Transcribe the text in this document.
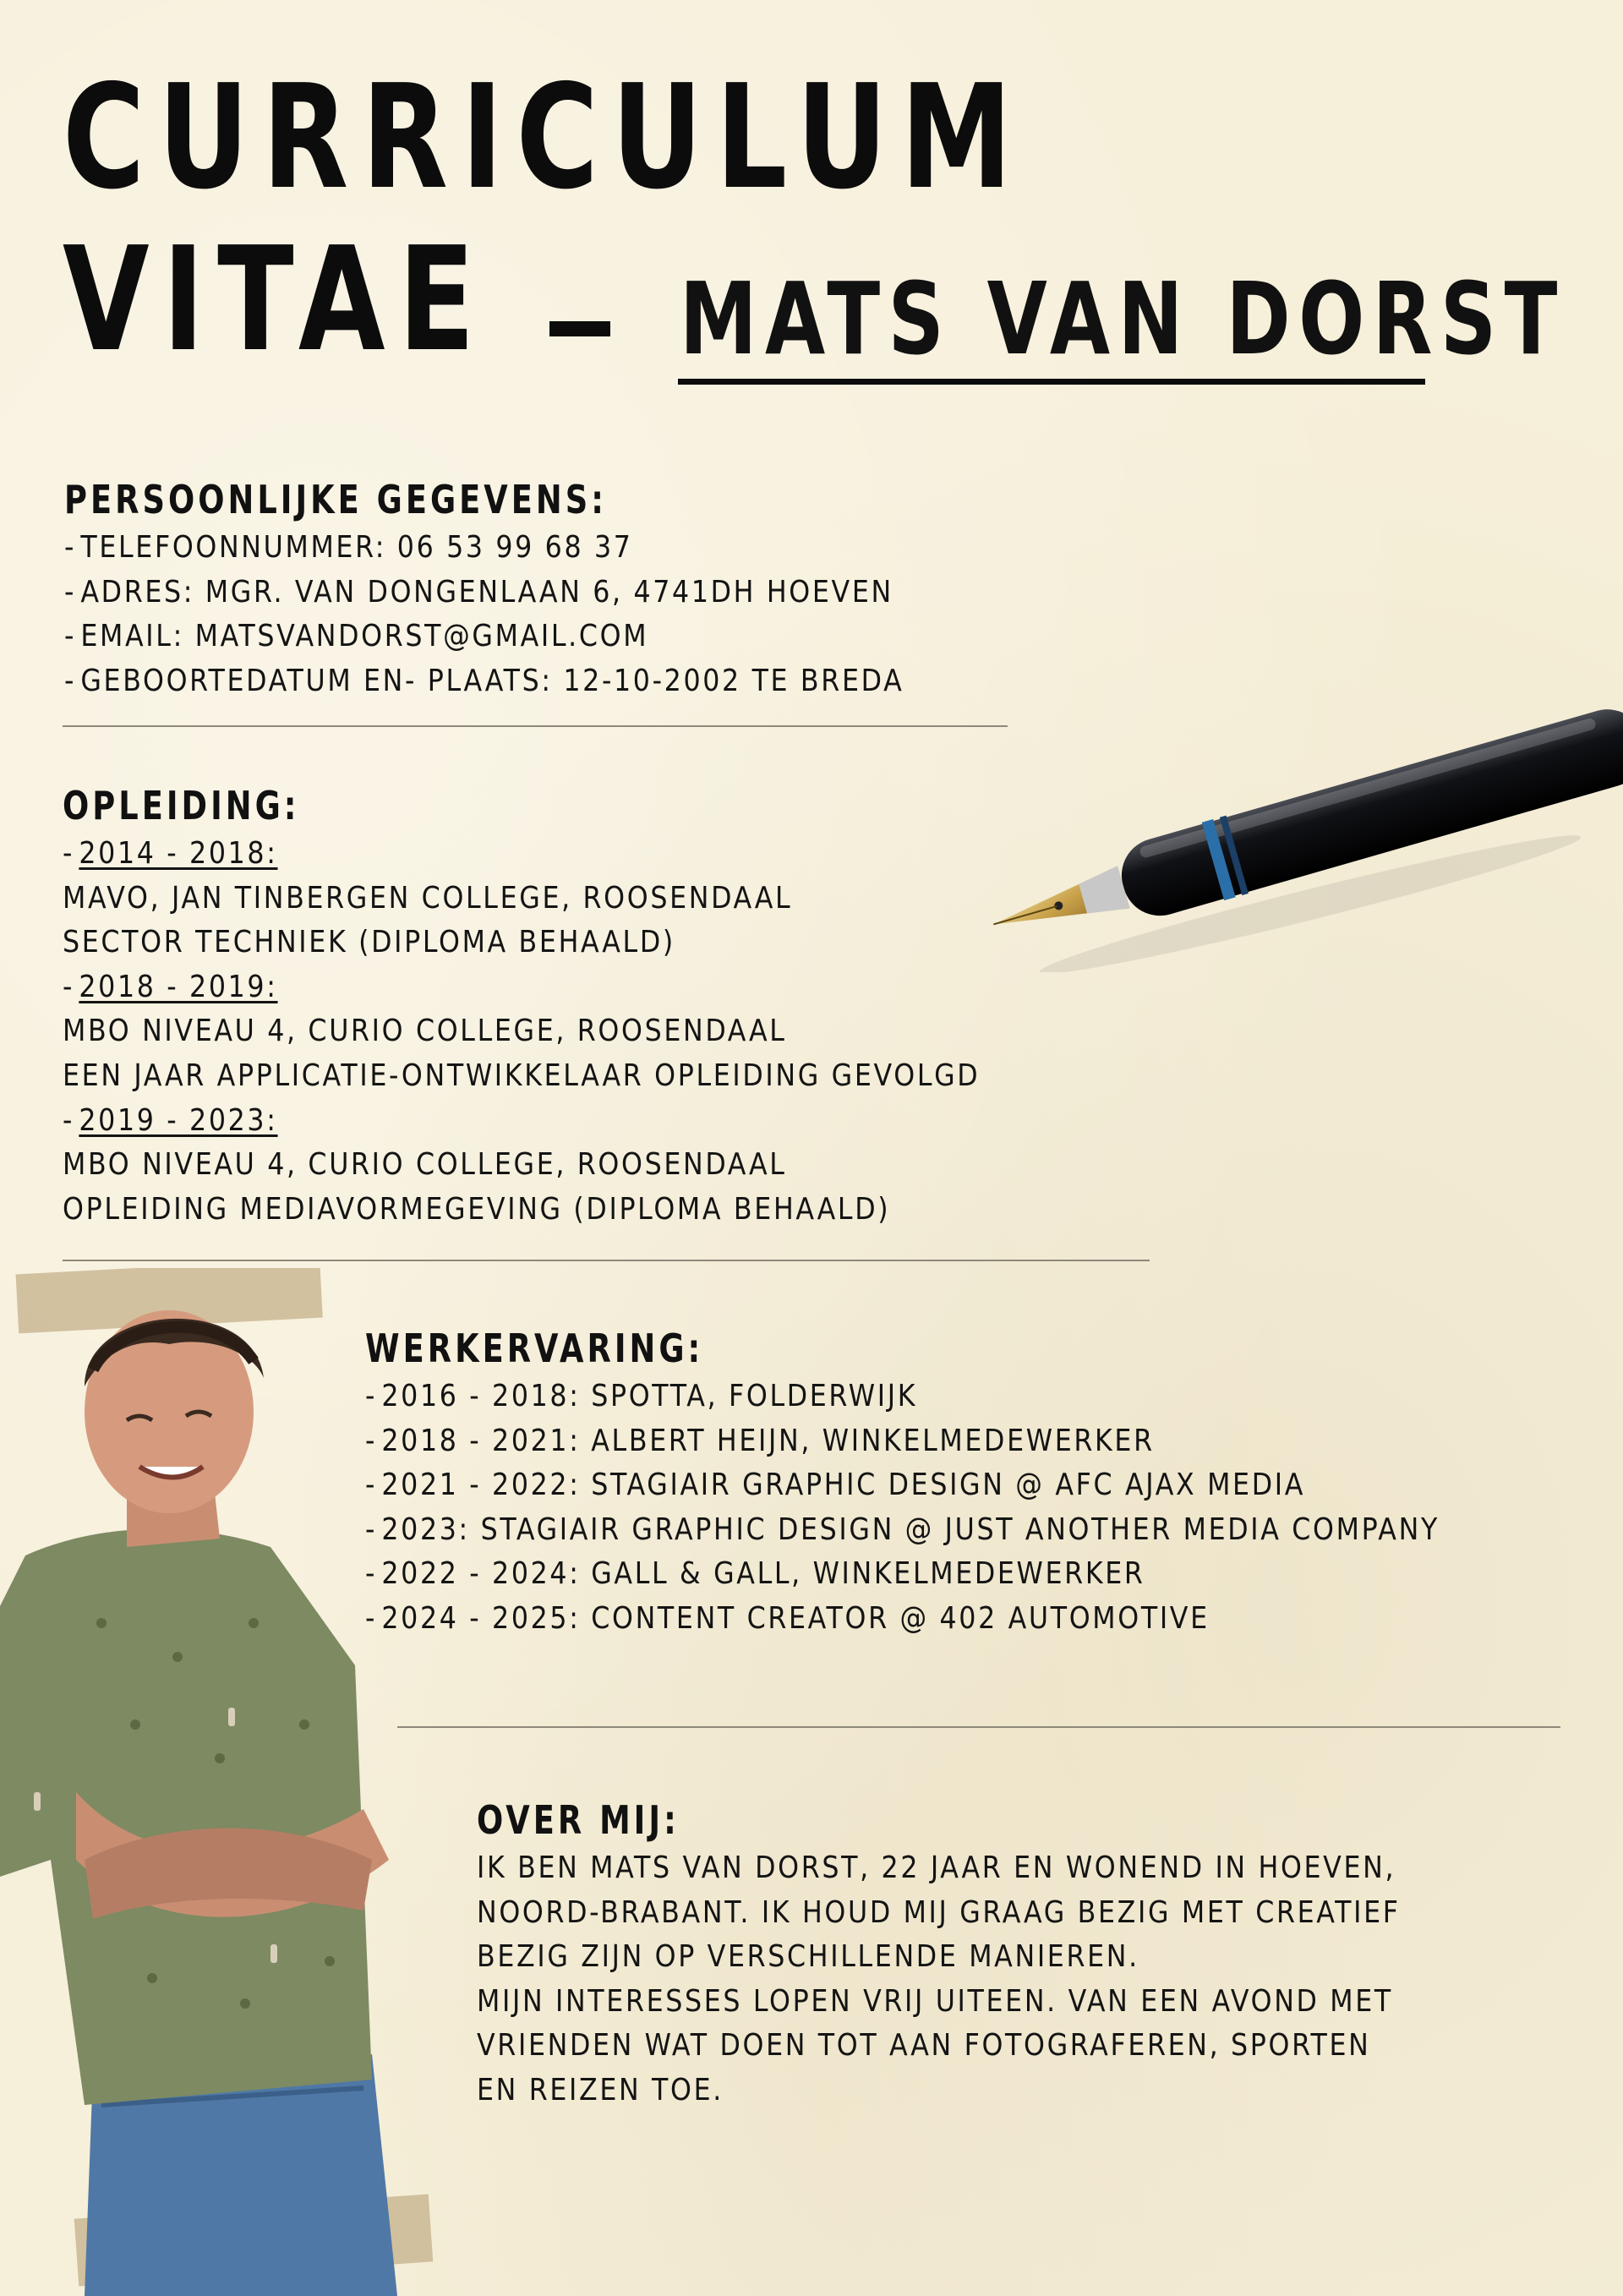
CURRICULUM
VITAE MATS VAN DORST
PERSOONLIJKE GEGEVENS:
- TELEFOONNUMMER: 06 53 99 68 37
- ADRES: MGR. VAN DONGENLAAN 6, 4741DH HOEVEN
- EMAIL: MATSVANDORST@GMAIL.COM
- GEBOORTEDATUM EN- PLAATS: 12-10-2002 TE BREDA
OPLEIDING:
- 2014 - 2018:
MAVO, JAN TINBERGEN COLLEGE, ROOSENDAAL
SECTOR TECHNIEK (DIPLOMA BEHAALD)
- 2018 - 2019:
MBO NIVEAU 4, CURIO COLLEGE, ROOSENDAAL
EEN JAAR APPLICATIE-ONTWIKKELAAR OPLEIDING GEVOLGD
- 2019 - 2023:
MBO NIVEAU 4, CURIO COLLEGE, ROOSENDAAL
OPLEIDING MEDIAVORMEGEVING (DIPLOMA BEHAALD)
WERKERVARING:
- 2016 - 2018: SPOTTA, FOLDERWIJK
- 2018 - 2021: ALBERT HEIJN, WINKELMEDEWERKER
- 2021 - 2022: STAGIAIR GRAPHIC DESIGN @ AFC AJAX MEDIA
- 2023: STAGIAIR GRAPHIC DESIGN @ JUST ANOTHER MEDIA COMPANY
- 2022 - 2024: GALL & GALL, WINKELMEDEWERKER
- 2024 - 2025: CONTENT CREATOR @ 402 AUTOMOTIVE
OVER MIJ:
IK BEN MATS VAN DORST, 22 JAAR EN WONEND IN HOEVEN,
NOORD-BRABANT. IK HOUD MIJ GRAAG BEZIG MET CREATIEF
BEZIG ZIJN OP VERSCHILLENDE MANIEREN.
MIJN INTERESSES LOPEN VRIJ UITEEN. VAN EEN AVOND MET
VRIENDEN WAT DOEN TOT AAN FOTOGRAFEREN, SPORTEN
EN REIZEN TOE.
